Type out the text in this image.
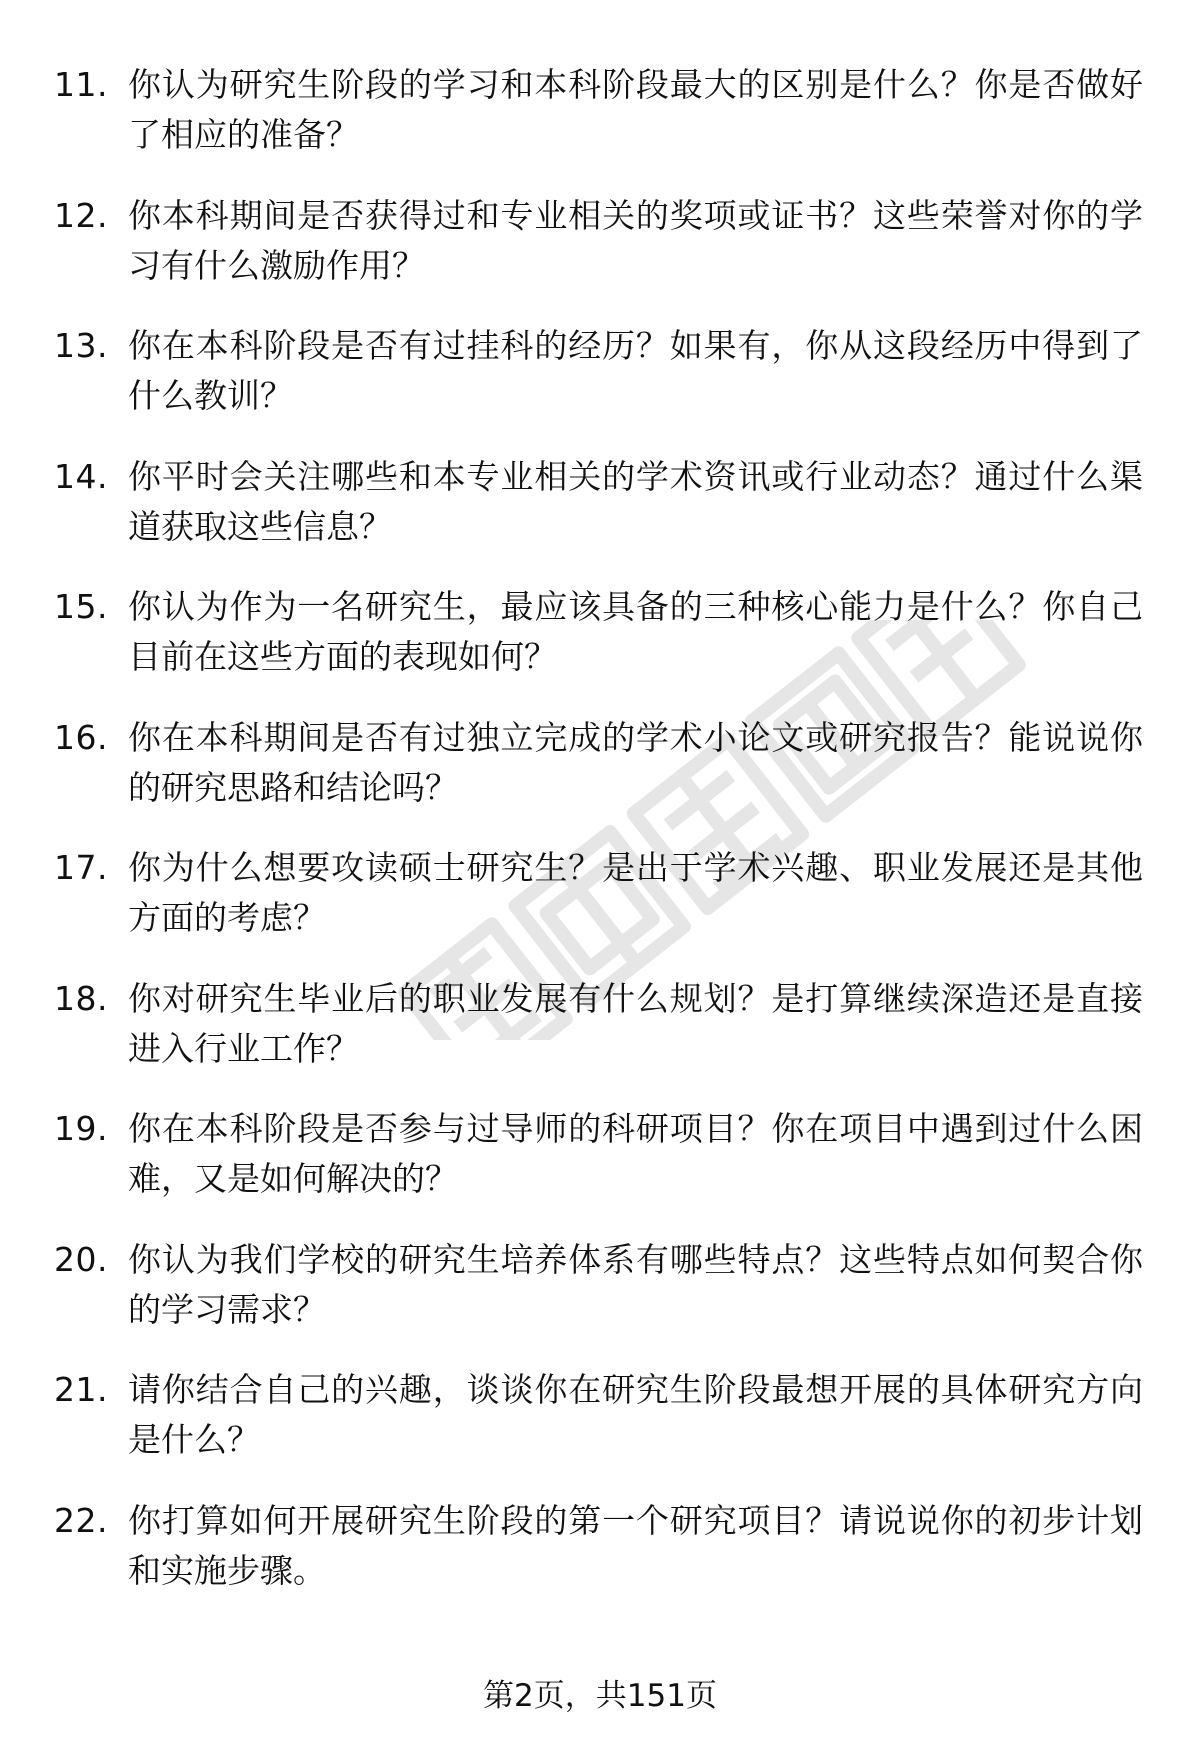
11. 你认为研究生阶段的学习和本科阶段最大的区别是什么？你是否做好了相应的准备？
12. 你本科期间是否获得过和专业相关的奖项或证书？这些荣誉对你的学习有什么激励作用？
13. 你在本科阶段是否有过挂科的经历？如果有，你从这段经历中得到了什么教训？
14. 你平时会关注哪些和本专业相关的学术资讯或行业动态？通过什么渠道获取这些信息？
15. 你认为作为一名研究生，最应该具备的三种核心能力是什么？你自己目前在这些方面的表现如何？
16. 你在本科期间是否有过独立完成的学术小论文或研究报告？能说说你的研究思路和结论吗？
17. 你为什么想要攻读硕士研究生？是出于学术兴趣、职业发展还是其他方面的考虑？
18. 你对研究生毕业后的职业发展有什么规划？是打算继续深造还是直接进入行业工作？
19. 你在本科阶段是否参与过导师的科研项目？你在项目中遇到过什么困难，又是如何解决的？
20. 你认为我们学校的研究生培养体系有哪些特点？这些特点如何契合你的学习需求？
21. 请你结合自己的兴趣，谈谈你在研究生阶段最想开展的具体研究方向是什么？
22. 你打算如何开展研究生阶段的第一个研究项目？请说说你的初步计划和实施步骤。
第2页，共151页
